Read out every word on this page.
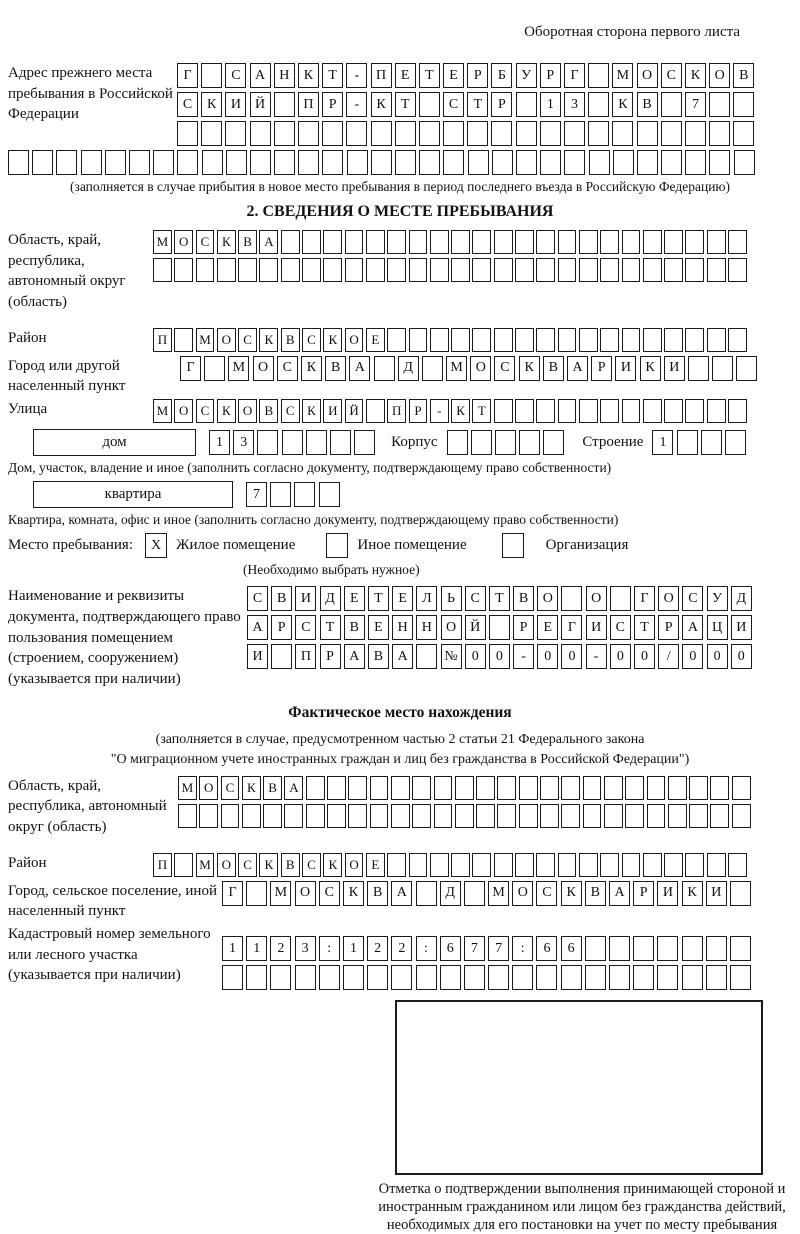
Оборотная сторона первого листа
Адрес прежнего места пребывания в Российской Федерации
Г	С	А	Н	К	Т	-	П	Е	Т	Е	Р	Б	У	Р	Г	М О	С	К	О	В
С	К	И	Й	П	Р	-	К	Т	С	Т	Р	1	3	К	В	7
(заполняется в случае прибытия в новое место пребывания в период последнего въезда в Российскую Федерацию)
2. СВЕДЕНИЯ О МЕСТЕ ПРЕБЫВАНИЯ
Область, край, республика, автономный округ (область)
М О С К В А
Район	П	М О С К В С К О Е
Город или другой населенный пункт
Г	М О	С	К	В	А	Д	М О	С	К	В	А	Р	И	К	И
Улица	М О С К О В С К И Й	П Р	-	К Т
дом	1	3	Корпус	Строение	1
Дом, участок, владение и иное (заполнить согласно документу, подтверждающему право собственности)
квартира	7
Квартира, комната, офис и иное (заполнить согласно документу, подтверждающему право собственности)
Место пребывания:	X Жилое помещение	Иное помещение	Организация
(Необходимо выбрать нужное)
Наименование и реквизиты документа, подтверждающего право пользования помещением (строением, сооружением) (указывается при наличии)
С	В	И	Д	Е	Т	Е	Л	Ь	С	Т	В	О	О	Г	О	С	У	Д
А	Р	С	Т	В	Е	Н	Н	О	Й	Р	Е	Г	И	С	Т	Р	А	Ц	И
И	П	Р	А	В	А	№	0	0	-	0	0	-	0	0	/	0	0	0
Фактическое место нахождения
(заполняется в случае, предусмотренном частью 2 статьи 21 Федерального закона
"О миграционном учете иностранных граждан и лиц без гражданства в Российской Федерации")
Область, край, республика, автономный округ (область)
М О С К В А
Район	П	М О С К В С К О Е
Город, сельское поселение, иной населенный пункт
Г	М О	С	К	В	А	Д	М О	С	К	В	А	Р	И	К	И
Кадастровый номер земельного или лесного участка (указывается при наличии)
1	1	2	3	:	1	2	2	:	6	7	7	:	6	6
Отметка о подтверждении выполнения принимающей стороной и иностранным гражданином или лицом без гражданства действий, необходимых для его постановки на учет по месту пребывания
